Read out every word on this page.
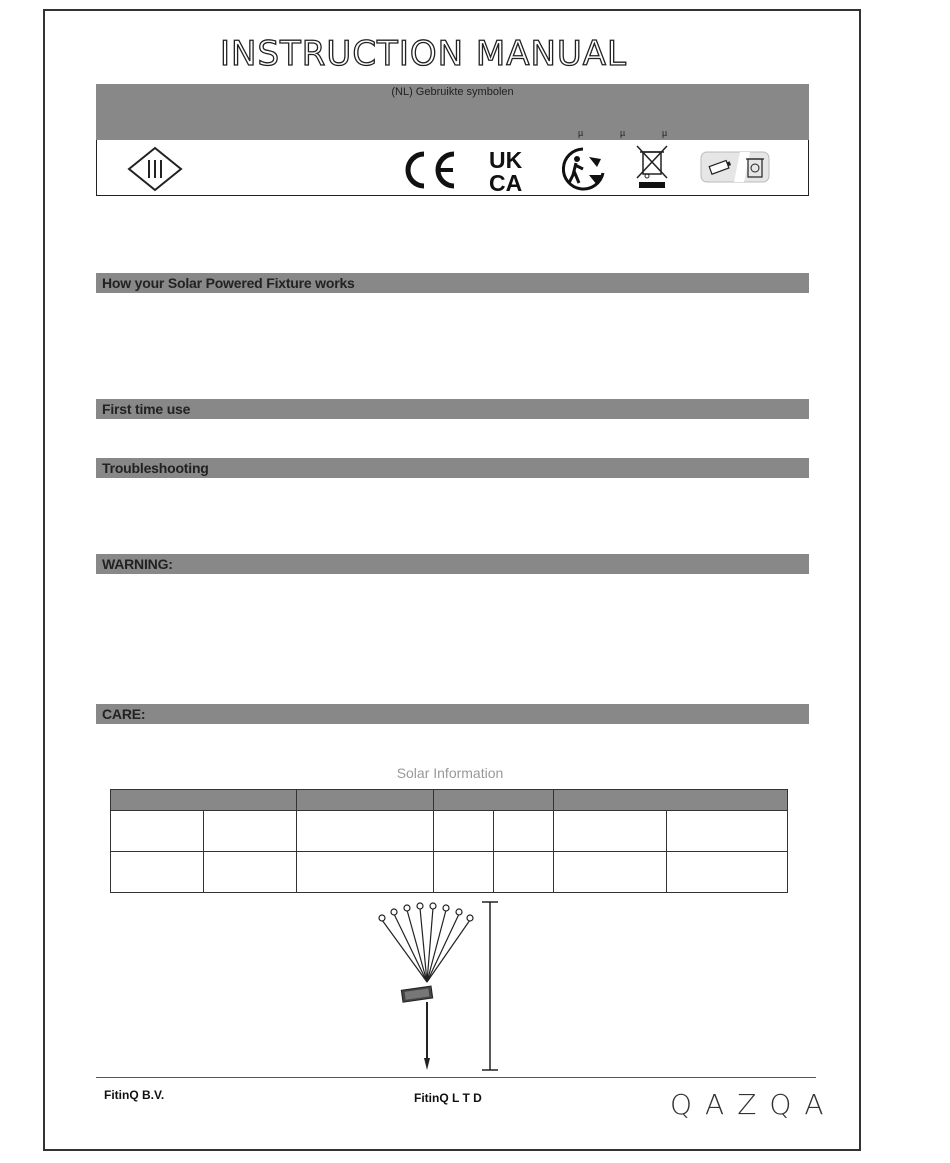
INSTRUCTION MANUAL
(NL) Gebruikte symbolen
µ	µ	µ
UK
CA
How your Solar Powered Fixture works
First time use
Troubleshooting
WARNING:
CARE:
Solar Information

FitinQ B.V.	FitinQ L T D	QAZQA
